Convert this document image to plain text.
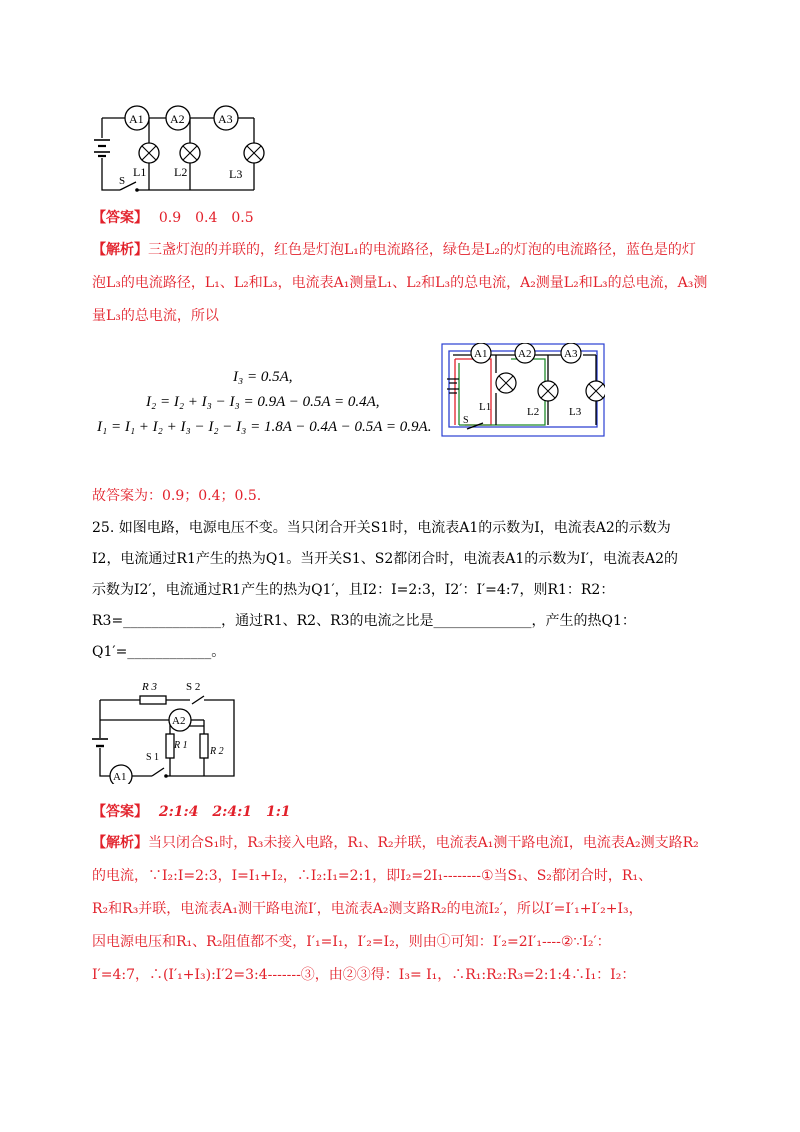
A1 A2	A3
L1 L2	L3
S
【答案】 0.9　0.4　0.5
【解析】三盏灯泡的并联的，红色是灯泡L₁的电流路径，绿色是L₂的灯泡的电流路径，蓝色是的灯
泡L₃的电流路径，L₁、L₂和L₃，电流表A₁测量L₁、L₂和L₃的总电流，A₂测量L₂和L₃的总电流，A₃测
量L₃的总电流，所以
I₃ = 0.5A,
I₂ = I₂ + I₃ − I₃ = 0.9A − 0.5A = 0.4A,
I₁ = I₁ + I₂ + I₃ − I₂ − I₃ = 1.8A − 0.4A − 0.5A = 0.9A.
A1	A2	A3
L1	L2	L3
S
故答案为：0.9；0.4；0.5.
25. 如图电路，电源电压不变。当只闭合开关S1时，电流表A1的示数为I，电流表A2的示数为
I2，电流通过R1产生的热为Q1。当开关S1、S2都闭合时，电流表A1的示数为I′，电流表A2的
示数为I2′，电流通过R1产生的热为Q1′，且I2：I=2:3，I2′：I′=4:7，则R1：R2：
R3=______________，通过R1、R2、R3的电流之比是______________，产生的热Q1：
Q1′=____________。
R 3	S 2
A2
S 1
R 1
R 2
A1
【答案】 2:1:4　2:4:1　1:1
【解析】当只闭合S₁时，R₃未接入电路，R₁、R₂并联，电流表A₁测干路电流I，电流表A₂测支路R₂
的电流，∵I₂:I=2:3，I=I₁+I₂，∴I₂:I₁=2:1，即I₂=2I₁--------①当S₁、S₂都闭合时，R₁、
R₂和R₃并联，电流表A₁测干路电流I′，电流表A₂测支路R₂的电流I₂′，所以I′=I′₁+I′₂+I₃，
因电源电压和R₁、R₂阻值都不变，I′₁=I₁，I′₂=I₂，则由①可知：I′₂=2I′₁----②∵I₂′：
I′=4:7，∴(I′₁+I₃):I′2=3:4-------③，由②③得：I₃= I₁，∴R₁:R₂:R₃=2:1:4∴I₁：I₂：
